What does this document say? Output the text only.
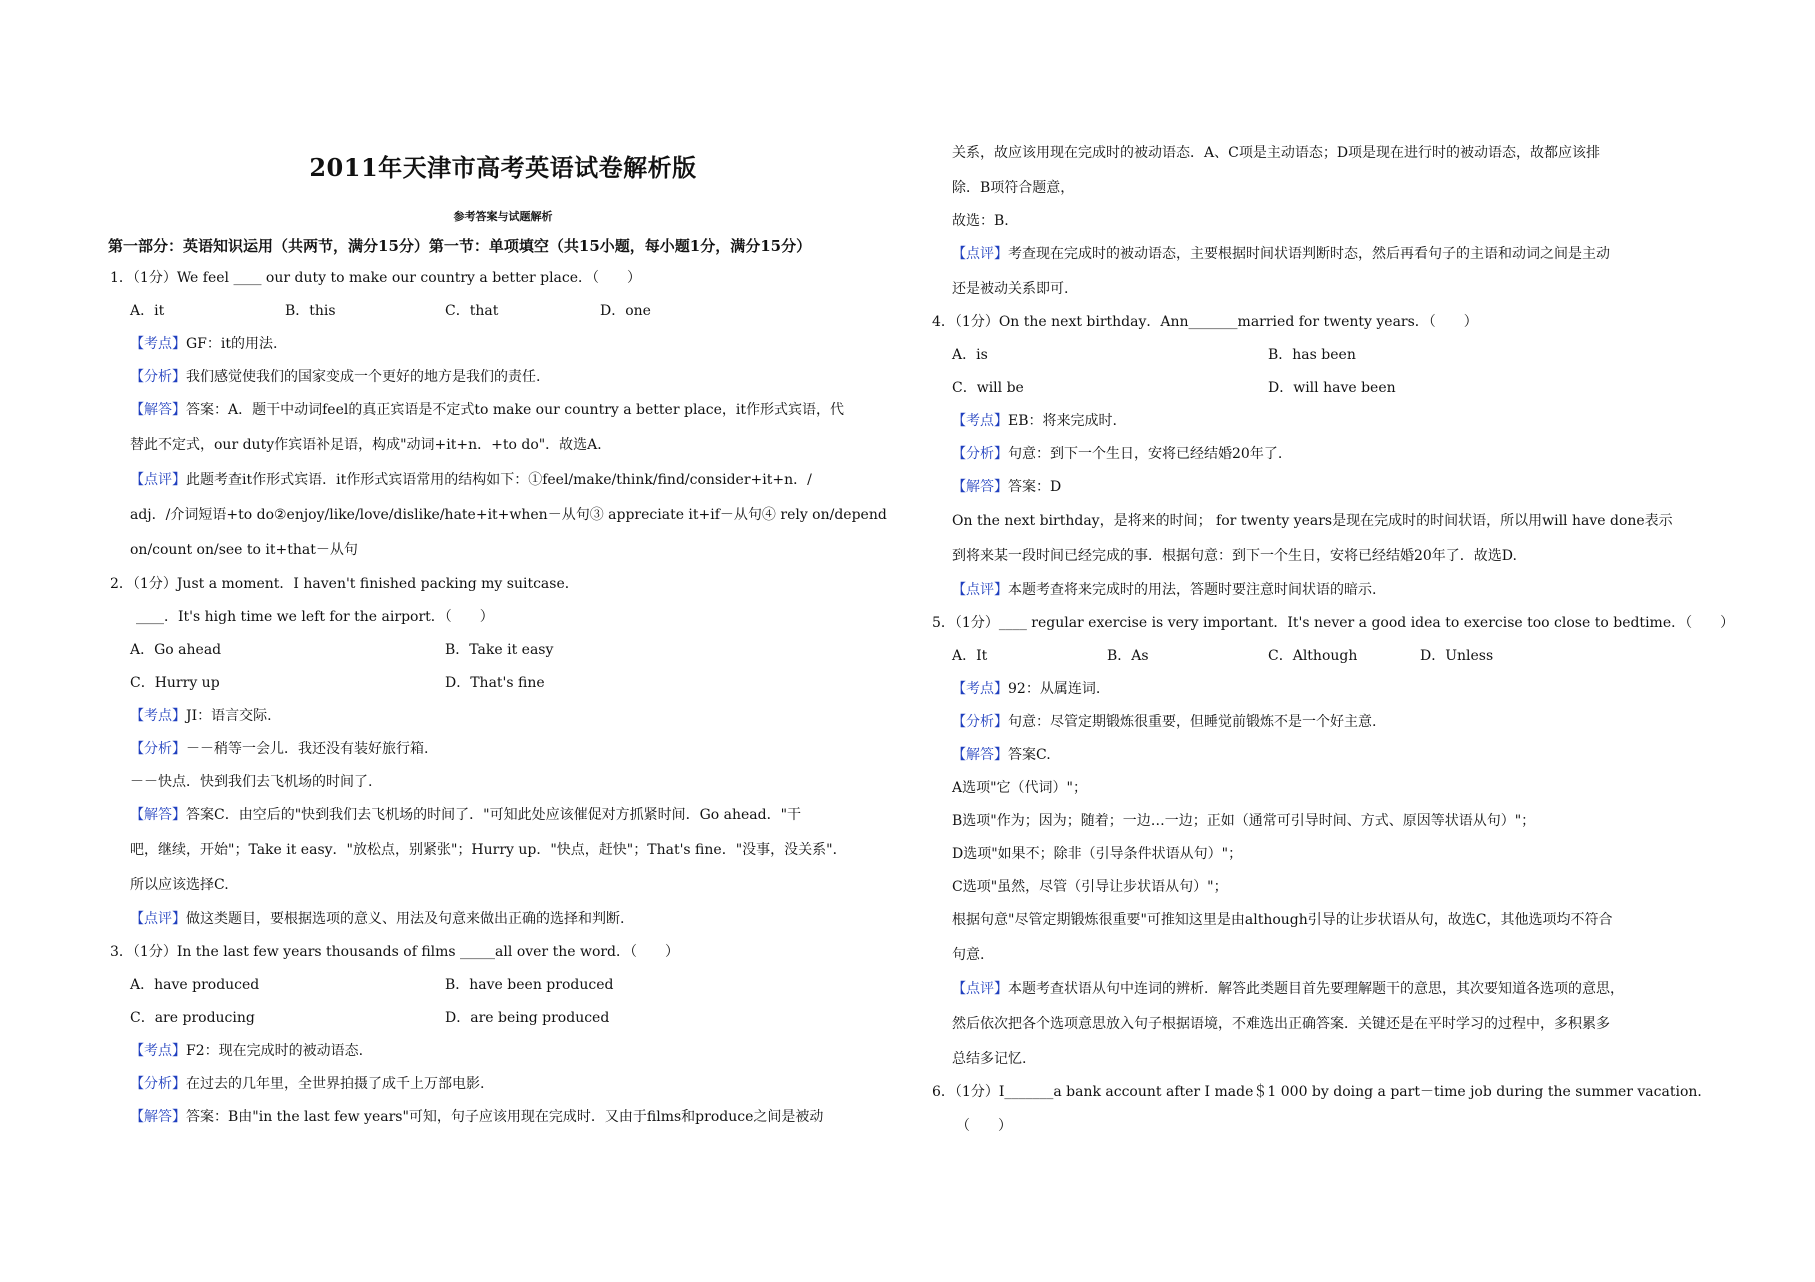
2011年天津市高考英语试卷解析版
参考答案与试题解析
第一部分：英语知识运用（共两节，满分15分）第一节：单项填空（共15小题，每小题1分，满分15分）
1．（1分）We feel ____ our duty to make our country a better place．（　　）
A．it	B．this	C．that	D．one
【考点】GF：it的用法.
【分析】我们感觉使我们的国家变成一个更好的地方是我们的责任.
【解答】答案：A．题干中动词feel的真正宾语是不定式to make our country a better place，it作形式宾语，代
替此不定式，our duty作宾语补足语，构成"动词+it+n．+to do"．故选A．
【点评】此题考查it作形式宾语．it作形式宾语常用的结构如下：①feel/make/think/find/consider+it+n．/
adj．/介词短语+to do②enjoy/like/love/dislike/hate+it+when－从句③ appreciate it+if－从句④ rely on/depend
on/count on/see to it+that－从句
2．（1分）Just a moment．I haven't finished packing my suitcase．
____．It's high time we left for the airport．（　　）
A．Go ahead	B．Take it easy
C．Hurry up	D．That's fine
【考点】JI：语言交际.
【分析】－－稍等一会儿．我还没有装好旅行箱.
－－快点．快到我们去飞机场的时间了.
【解答】答案C．由空后的"快到我们去飞机场的时间了．"可知此处应该催促对方抓紧时间．Go ahead．"干
吧，继续，开始"；Take it easy．"放松点，别紧张"；Hurry up．"快点，赶快"；That's fine．"没事，没关系"．
所以应该选择C.
【点评】做这类题目，要根据选项的意义、用法及句意来做出正确的选择和判断.
3．（1分）In the last few years thousands of films _____all over the word．（　　）
A．have produced	B．have been produced
C．are producing	D．are being produced
【考点】F2：现在完成时的被动语态.
【分析】在过去的几年里，全世界拍摄了成千上万部电影.
【解答】答案：B由"in the last few years"可知，句子应该用现在完成时．又由于films和produce之间是被动
关系，故应该用现在完成时的被动语态．A、C项是主动语态；D项是现在进行时的被动语态，故都应该排
除．B项符合题意，
故选：B.
【点评】考查现在完成时的被动语态，主要根据时间状语判断时态，然后再看句子的主语和动词之间是主动
还是被动关系即可.
4．（1分）On the next birthday．Ann_______married for twenty years．（　　）
A．is	B．has been
C．will be	D．will have been
【考点】EB：将来完成时.
【分析】句意：到下一个生日，安将已经结婚20年了.
【解答】答案：D
On the next birthday，是将来的时间； for twenty years是现在完成时的时间状语，所以用will have done表示
到将来某一段时间已经完成的事．根据句意：到下一个生日，安将已经结婚20年了．故选D.
【点评】本题考查将来完成时的用法，答题时要注意时间状语的暗示.
5．（1分）____ regular exercise is very important．It's never a good idea to exercise too close to bedtime．（　　）
A．It	B．As	C．Although	D．Unless
【考点】92：从属连词.
【分析】句意：尽管定期锻炼很重要，但睡觉前锻炼不是一个好主意.
【解答】答案C.
A选项"它（代词）"；
B选项"作为；因为；随着；一边…一边；正如（通常可引导时间、方式、原因等状语从句）"；
D选项"如果不；除非（引导条件状语从句）"；
C选项"虽然，尽管（引导让步状语从句）"；
根据句意"尽管定期锻炼很重要"可推知这里是由although引导的让步状语从句，故选C，其他选项均不符合
句意.
【点评】本题考查状语从句中连词的辨析．解答此类题目首先要理解题干的意思，其次要知道各选项的意思，
然后依次把各个选项意思放入句子根据语境，不难选出正确答案．关键还是在平时学习的过程中，多积累多
总结多记忆.
6．（1分）I_______a bank account after I made＄1 000 by doing a part－time job during the summer vacation．
（　　）
